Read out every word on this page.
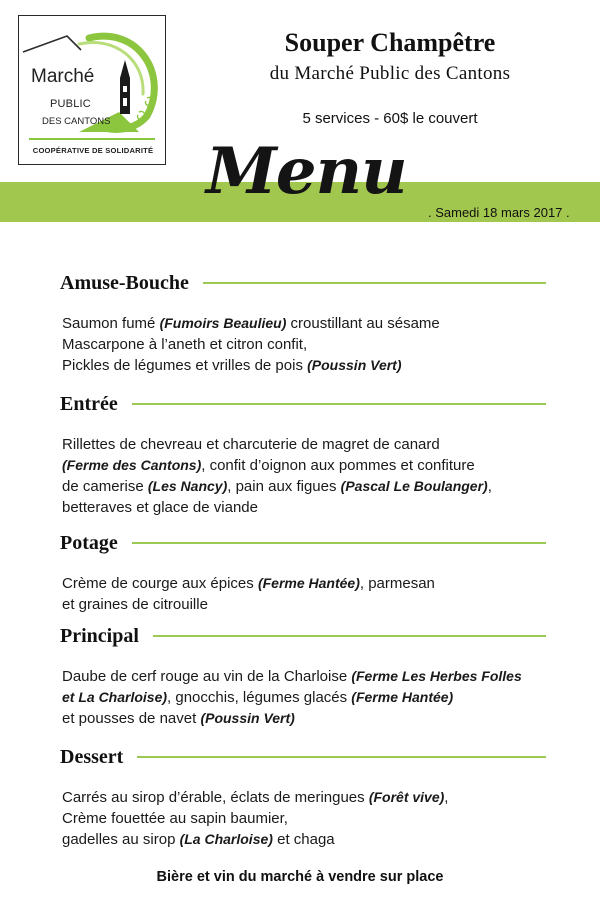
Marché
PUBLIC
DES CANTONS
COOPÉRATIVE DE SOLIDARITÉ
Souper Champêtre
du Marché Public des Cantons
5 services - 60$ le couvert
Menu
. Samedi 18 mars 2017 .
Amuse-Bouche
Saumon fumé (Fumoirs Beaulieu) croustillant au sésame
Mascarpone à l’aneth et citron confit,
Pickles de légumes et vrilles de pois (Poussin Vert)
Entrée
Rillettes de chevreau et charcuterie de magret de canard
(Ferme des Cantons), confit d’oignon aux pommes et confiture
de camerise (Les Nancy), pain aux figues (Pascal Le Boulanger),
betteraves et glace de viande
Potage
Crème de courge aux épices (Ferme Hantée), parmesan
et graines de citrouille
Principal
Daube de cerf rouge au vin de la Charloise (Ferme Les Herbes Folles
et La Charloise), gnocchis, légumes glacés (Ferme Hantée)
et pousses de navet (Poussin Vert)
Dessert
Carrés au sirop d’érable, éclats de meringues (Forêt vive),
Crème fouettée au sapin baumier,
gadelles au sirop (La Charloise) et chaga
Bière et vin du marché à vendre sur place
